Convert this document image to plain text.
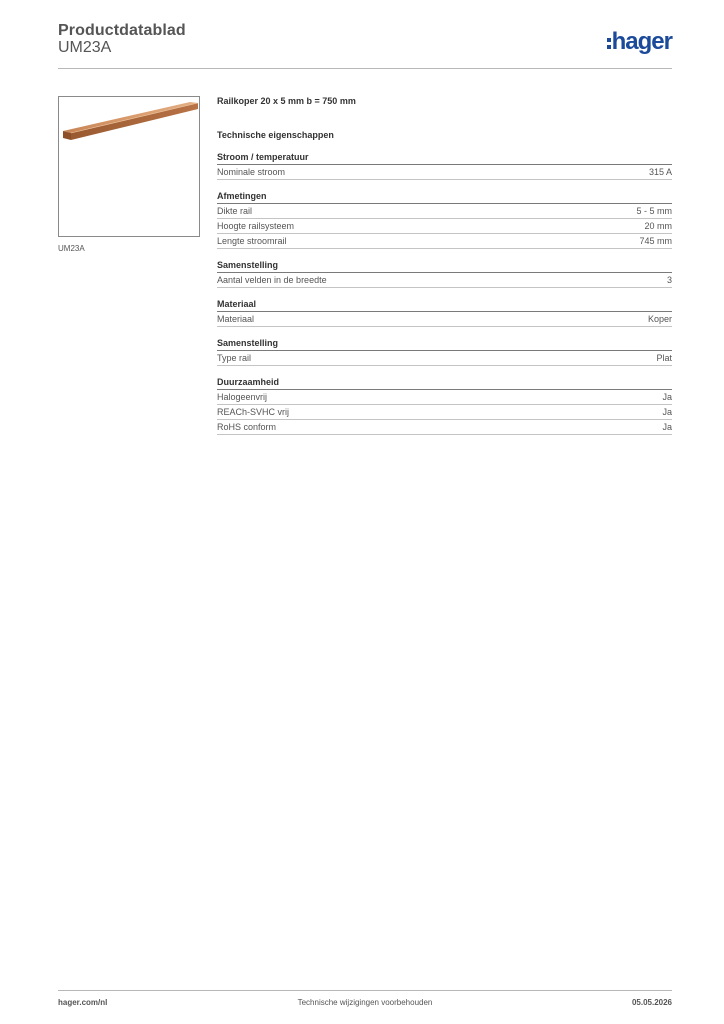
Productdatablad
UM23A	hager
UM23A
Railkoper 20 x 5 mm b = 750 mm
Technische eigenschappen
Stroom / temperatuur
Nominale stroom	315 A
Afmetingen
Dikte rail	5 - 5 mm
Hoogte railsysteem	20 mm
Lengte stroomrail	745 mm
Samenstelling
Aantal velden in de breedte	3
Materiaal
Materiaal	Koper
Samenstelling
Type rail	Plat
Duurzaamheid
Halogeenvrij	Ja
REACh-SVHC vrij	Ja
RoHS conform	Ja
Technische wijzigingen voorbehouden
hager.com/nl	05.05.2026
